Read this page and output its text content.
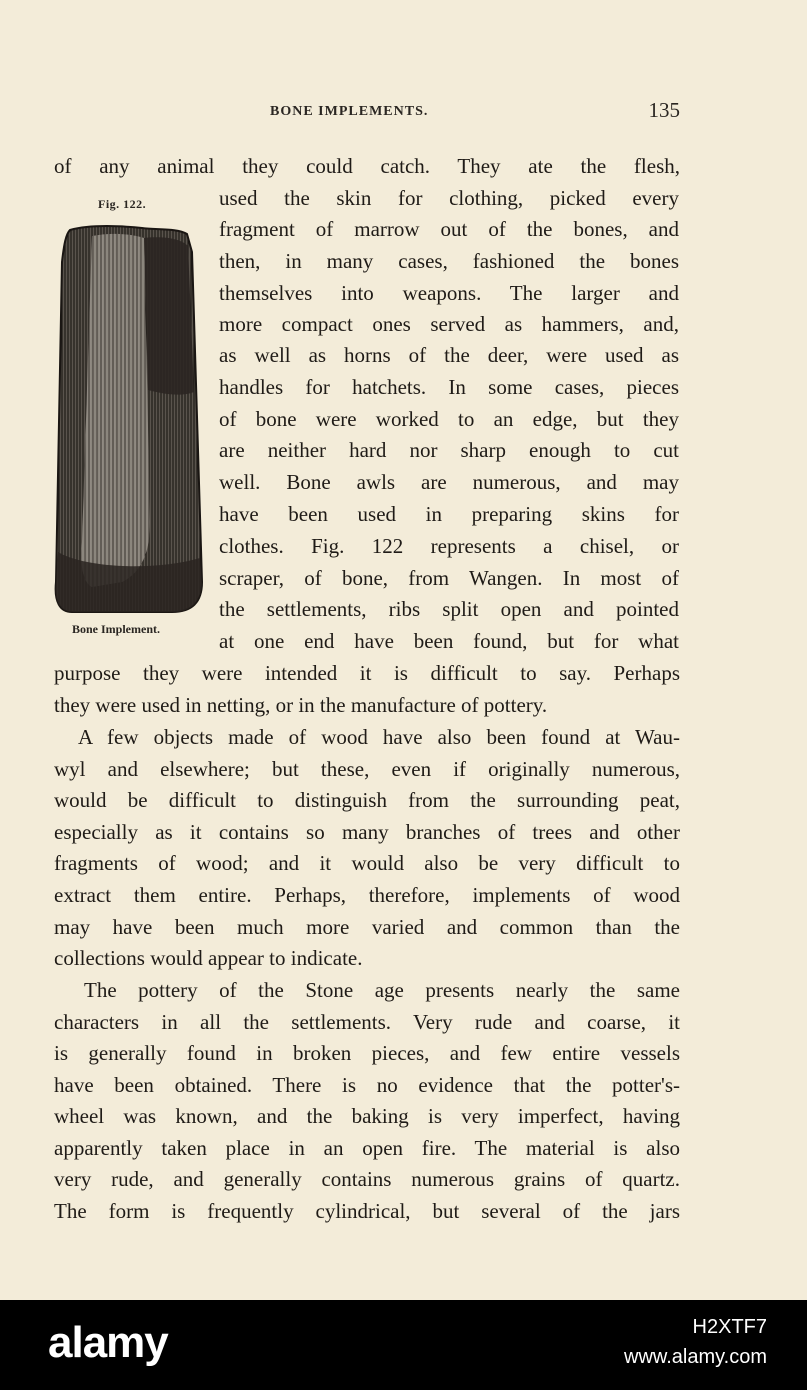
BONE IMPLEMENTS.	135
Fig. 122.
Bone Implement.
of any animal they could catch. They ate the flesh,
used the skin for clothing, picked every
fragment of marrow out of the bones, and
then, in many cases, fashioned the bones
themselves into weapons. The larger and
more compact ones served as hammers, and,
as well as horns of the deer, were used as
handles for hatchets. In some cases, pieces
of bone were worked to an edge, but they
are neither hard nor sharp enough to cut
well. Bone awls are numerous, and may
have been used in preparing skins for
clothes. Fig. 122 represents a chisel, or
scraper, of bone, from Wangen. In most of
the settlements, ribs split open and pointed
at one end have been found, but for what
purpose they were intended it is difficult to say. Perhaps
they were used in netting, or in the manufacture of pottery.
A few objects made of wood have also been found at Wau-
wyl and elsewhere; but these, even if originally numerous,
would be difficult to distinguish from the surrounding peat,
especially as it contains so many branches of trees and other
fragments of wood; and it would also be very difficult to
extract them entire. Perhaps, therefore, implements of wood
may have been much more varied and common than the
collections would appear to indicate.
The pottery of the Stone age presents nearly the same
characters in all the settlements. Very rude and coarse, it
is generally found in broken pieces, and few entire vessels
have been obtained. There is no evidence that the potter's-
wheel was known, and the baking is very imperfect, having
apparently taken place in an open fire. The material is also
very rude, and generally contains numerous grains of quartz.
The form is frequently cylindrical, but several of the jars
alamy	H2XTF7
www.alamy.com
